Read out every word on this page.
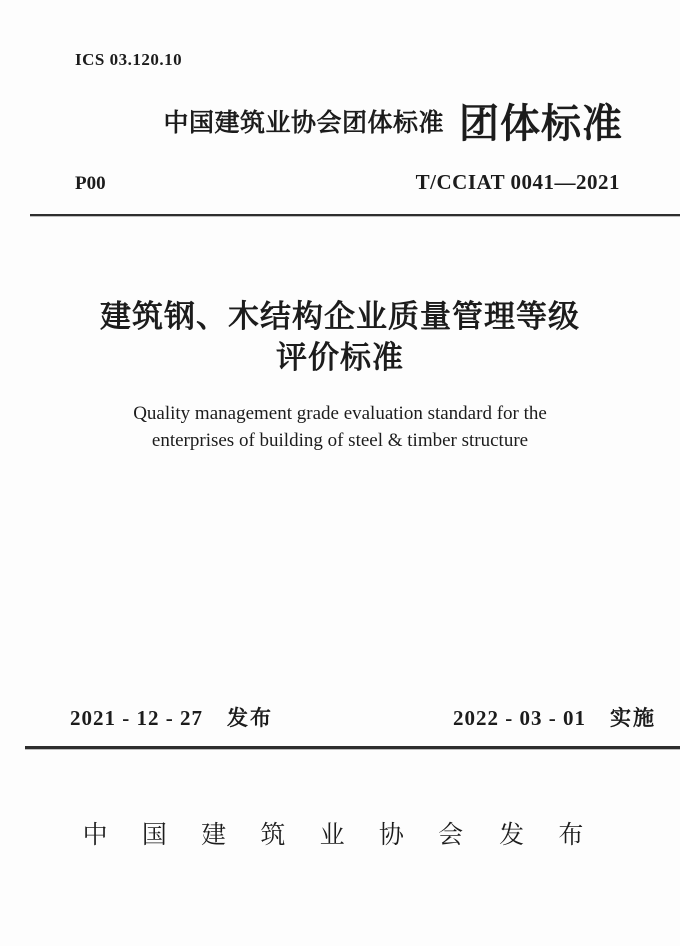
ICS 03.120.10
中国建筑业协会团体标准 团体标准
P00	T/CCIAT 0041—2021
建筑钢、木结构企业质量管理等级
评价标准
Quality management grade evaluation standard for the
enterprises of building of steel & timber structure
2021 - 12 - 27 发布	2022 - 03 - 01 实施
中 国 建 筑 业 协 会 发 布
